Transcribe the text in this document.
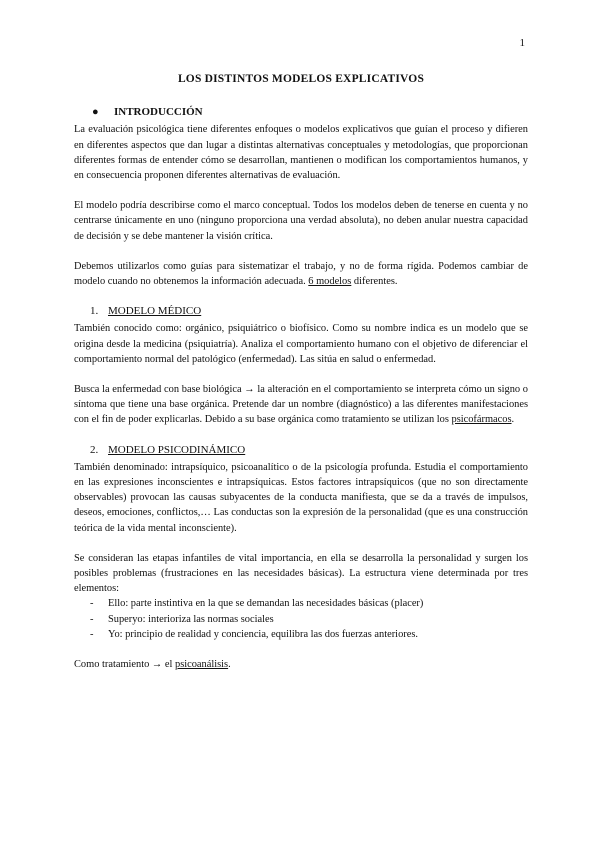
1
LOS DISTINTOS MODELOS EXPLICATIVOS
● INTRODUCCIÓN

La evaluación psicológica tiene diferentes enfoques o modelos explicativos que guían el proceso y difieren en diferentes aspectos que dan lugar a distintas alternativas conceptuales y metodologías, que proporcionan diferentes formas de entender cómo se desarrollan, mantienen o modifican los comportamientos humanos, y en consecuencia proponen diferentes alternativas de evaluación.

El modelo podría describirse como el marco conceptual. Todos los modelos deben de tenerse en cuenta y no centrarse únicamente en uno (ninguno proporciona una verdad absoluta), no deben anular nuestra capacidad de decisión y se debe mantener la visión crítica.

Debemos utilizarlos como guías para sistematizar el trabajo, y no de forma rígida. Podemos cambiar de modelo cuando no obtenemos la información adecuada. 6 modelos diferentes.

1. MODELO MÉDICO

También conocido como: orgánico, psiquiátrico o biofísico. Como su nombre indica es un modelo que se origina desde la medicina (psiquiatría). Analiza el comportamiento humano con el objetivo de diferenciar el comportamiento normal del patológico (enfermedad). Las sitúa en salud o enfermedad.

Busca la enfermedad con base biológica → la alteración en el comportamiento se interpreta cómo un signo o síntoma que tiene una base orgánica. Pretende dar un nombre (diagnóstico) a las diferentes manifestaciones con el fin de poder explicarlas. Debido a su base orgánica como tratamiento se utilizan los psicofármacos.

2. MODELO PSICODINÁMICO

También denominado: intrapsíquico, psicoanalítico o de la psicología profunda. Estudia el comportamiento en las expresiones inconscientes e intrapsíquicas. Estos factores intrapsíquicos (que no son directamente observables) provocan las causas subyacentes de la conducta manifiesta, que se da a través de impulsos, deseos, emociones, conflictos,… Las conductas son la expresión de la personalidad (que es una construcción teórica de la vida mental inconsciente).

Se consideran las etapas infantiles de vital importancia, en ella se desarrolla la personalidad y surgen los posibles problemas (frustraciones en las necesidades básicas). La estructura viene determinada por tres elementos:

- Ello: parte instintiva en la que se demandan las necesidades básicas (placer)
- Superyo: interioriza las normas sociales
- Yo: principio de realidad y conciencia, equilibra las dos fuerzas anteriores.

Como tratamiento → el psicoanálisis.
